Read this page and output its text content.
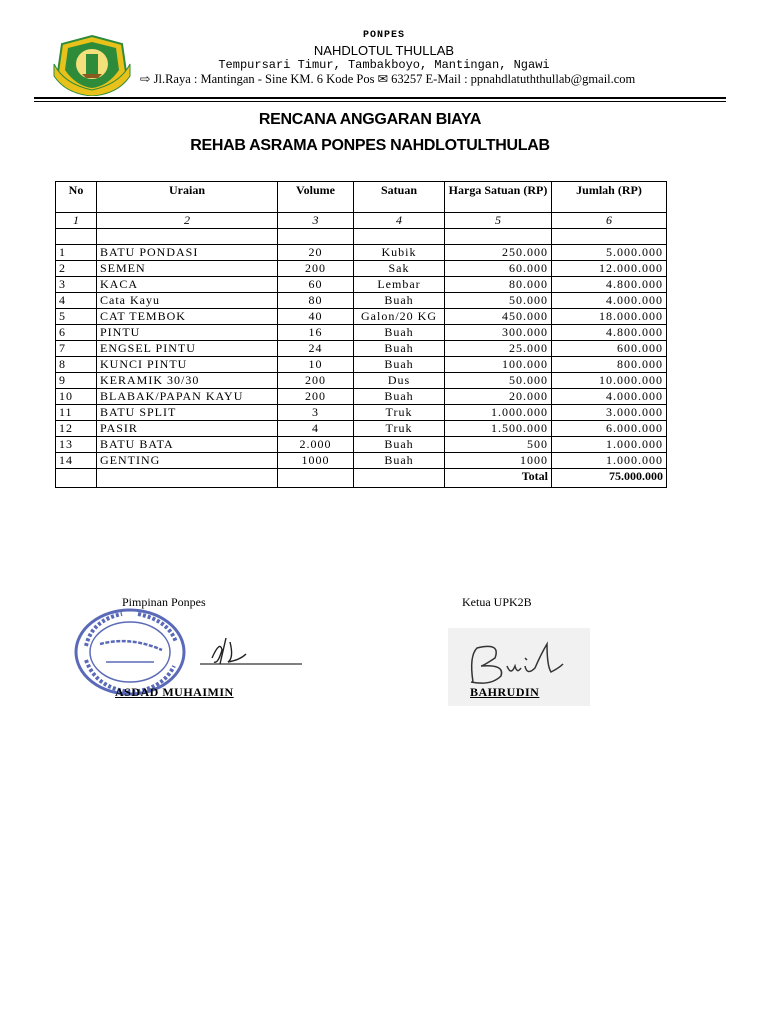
PONPES
NAHDLOTUL THULLAB
Tempursari Timur, Tambakboyo, Mantingan, Ngawi
⇨ Jl.Raya : Mantingan - Sine KM. 6 Kode Pos ✉ 63257 E-Mail : ppnahdlatuththullab@gmail.com
RENCANA ANGGARAN BIAYA
REHAB ASRAMA PONPES NAHDLOTULTHULAB
No	Uraian	Volume	Satuan	Harga Satuan (RP)	Jumlah (RP)
1	2	3	4	5	6

1	BATU PONDASI	20	Kubik	250.000	5.000.000
2	SEMEN	200	Sak	60.000	12.000.000
3	KACA	60	Lembar	80.000	4.800.000
4	Cata Kayu	80	Buah	50.000	4.000.000
5	CAT TEMBOK	40	Galon/20 KG	450.000	18.000.000
6	PINTU	16	Buah	300.000	4.800.000
7	ENGSEL PINTU	24	Buah	25.000	600.000
8	KUNCI PINTU	10	Buah	100.000	800.000
9	KERAMIK 30/30	200	Dus	50.000	10.000.000
10	BLABAK/PAPAN KAYU	200	Buah	20.000	4.000.000
11	BATU SPLIT	3	Truk	1.000.000	3.000.000
12	PASIR	4	Truk	1.500.000	6.000.000
13	BATU BATA	2.000	Buah	500	1.000.000
14	GENTING	1000	Buah	1000	1.000.000
				Total	75.000.000
Pimpinan Ponpes	Ketua UPK2B
ASDAD MUHAIMIN	BAHRUDIN
